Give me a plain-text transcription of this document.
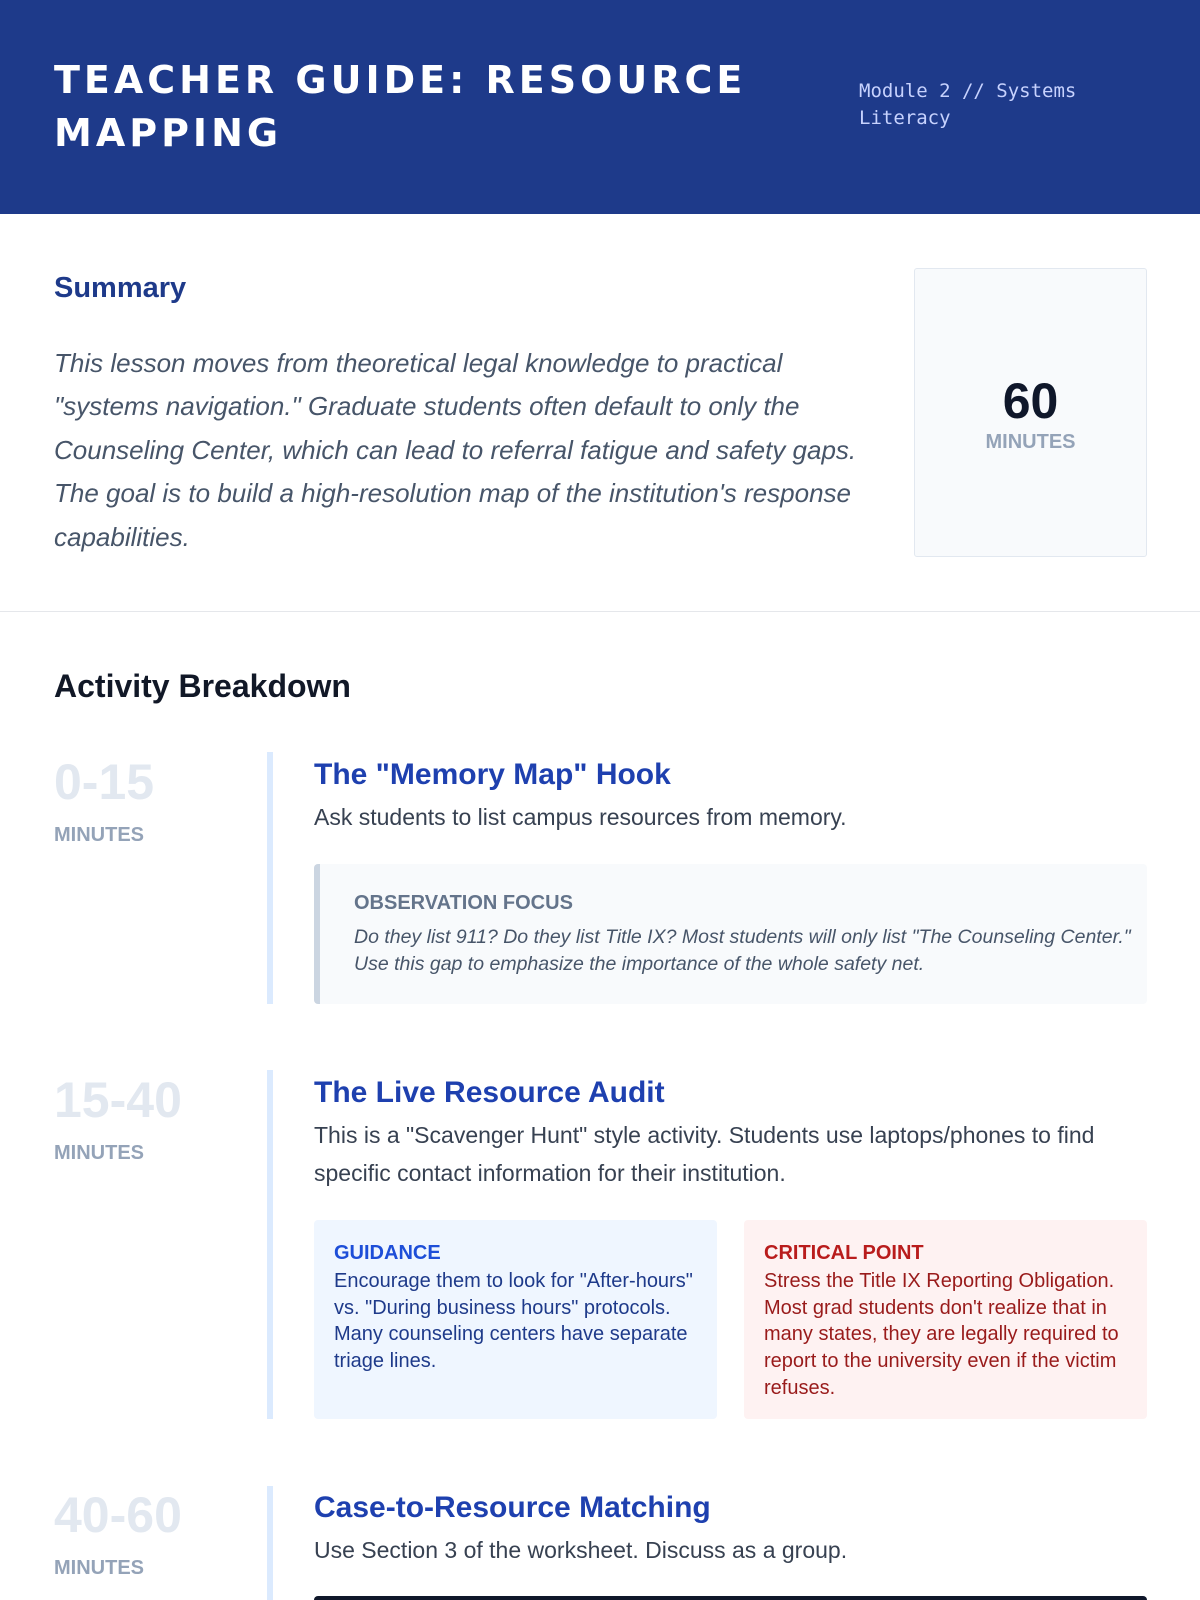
TEACHER GUIDE: RESOURCE MAPPING
Module 2 // Systems Literacy
Summary
This lesson moves from theoretical legal knowledge to practical "systems navigation." Graduate students often default to only the Counseling Center, which can lead to referral fatigue and safety gaps. The goal is to build a high-resolution map of the institution's response capabilities.
60
MINUTES
Activity Breakdown
0-15
MINUTES
The "Memory Map" Hook
Ask students to list campus resources from memory.
OBSERVATION FOCUS
Do they list 911? Do they list Title IX? Most students will only list "The Counseling Center." Use this gap to emphasize the importance of the whole safety net.
15-40
MINUTES
The Live Resource Audit
This is a "Scavenger Hunt" style activity. Students use laptops/phones to find specific contact information for their institution.
GUIDANCE
Encourage them to look for "After-hours" vs. "During business hours" protocols. Many counseling centers have separate triage lines.
CRITICAL POINT
Stress the Title IX Reporting Obligation. Most grad students don't realize that in many states, they are legally required to report to the university even if the victim refuses.
40-60
MINUTES
Case-to-Resource Matching
Use Section 3 of the worksheet. Discuss as a group.
